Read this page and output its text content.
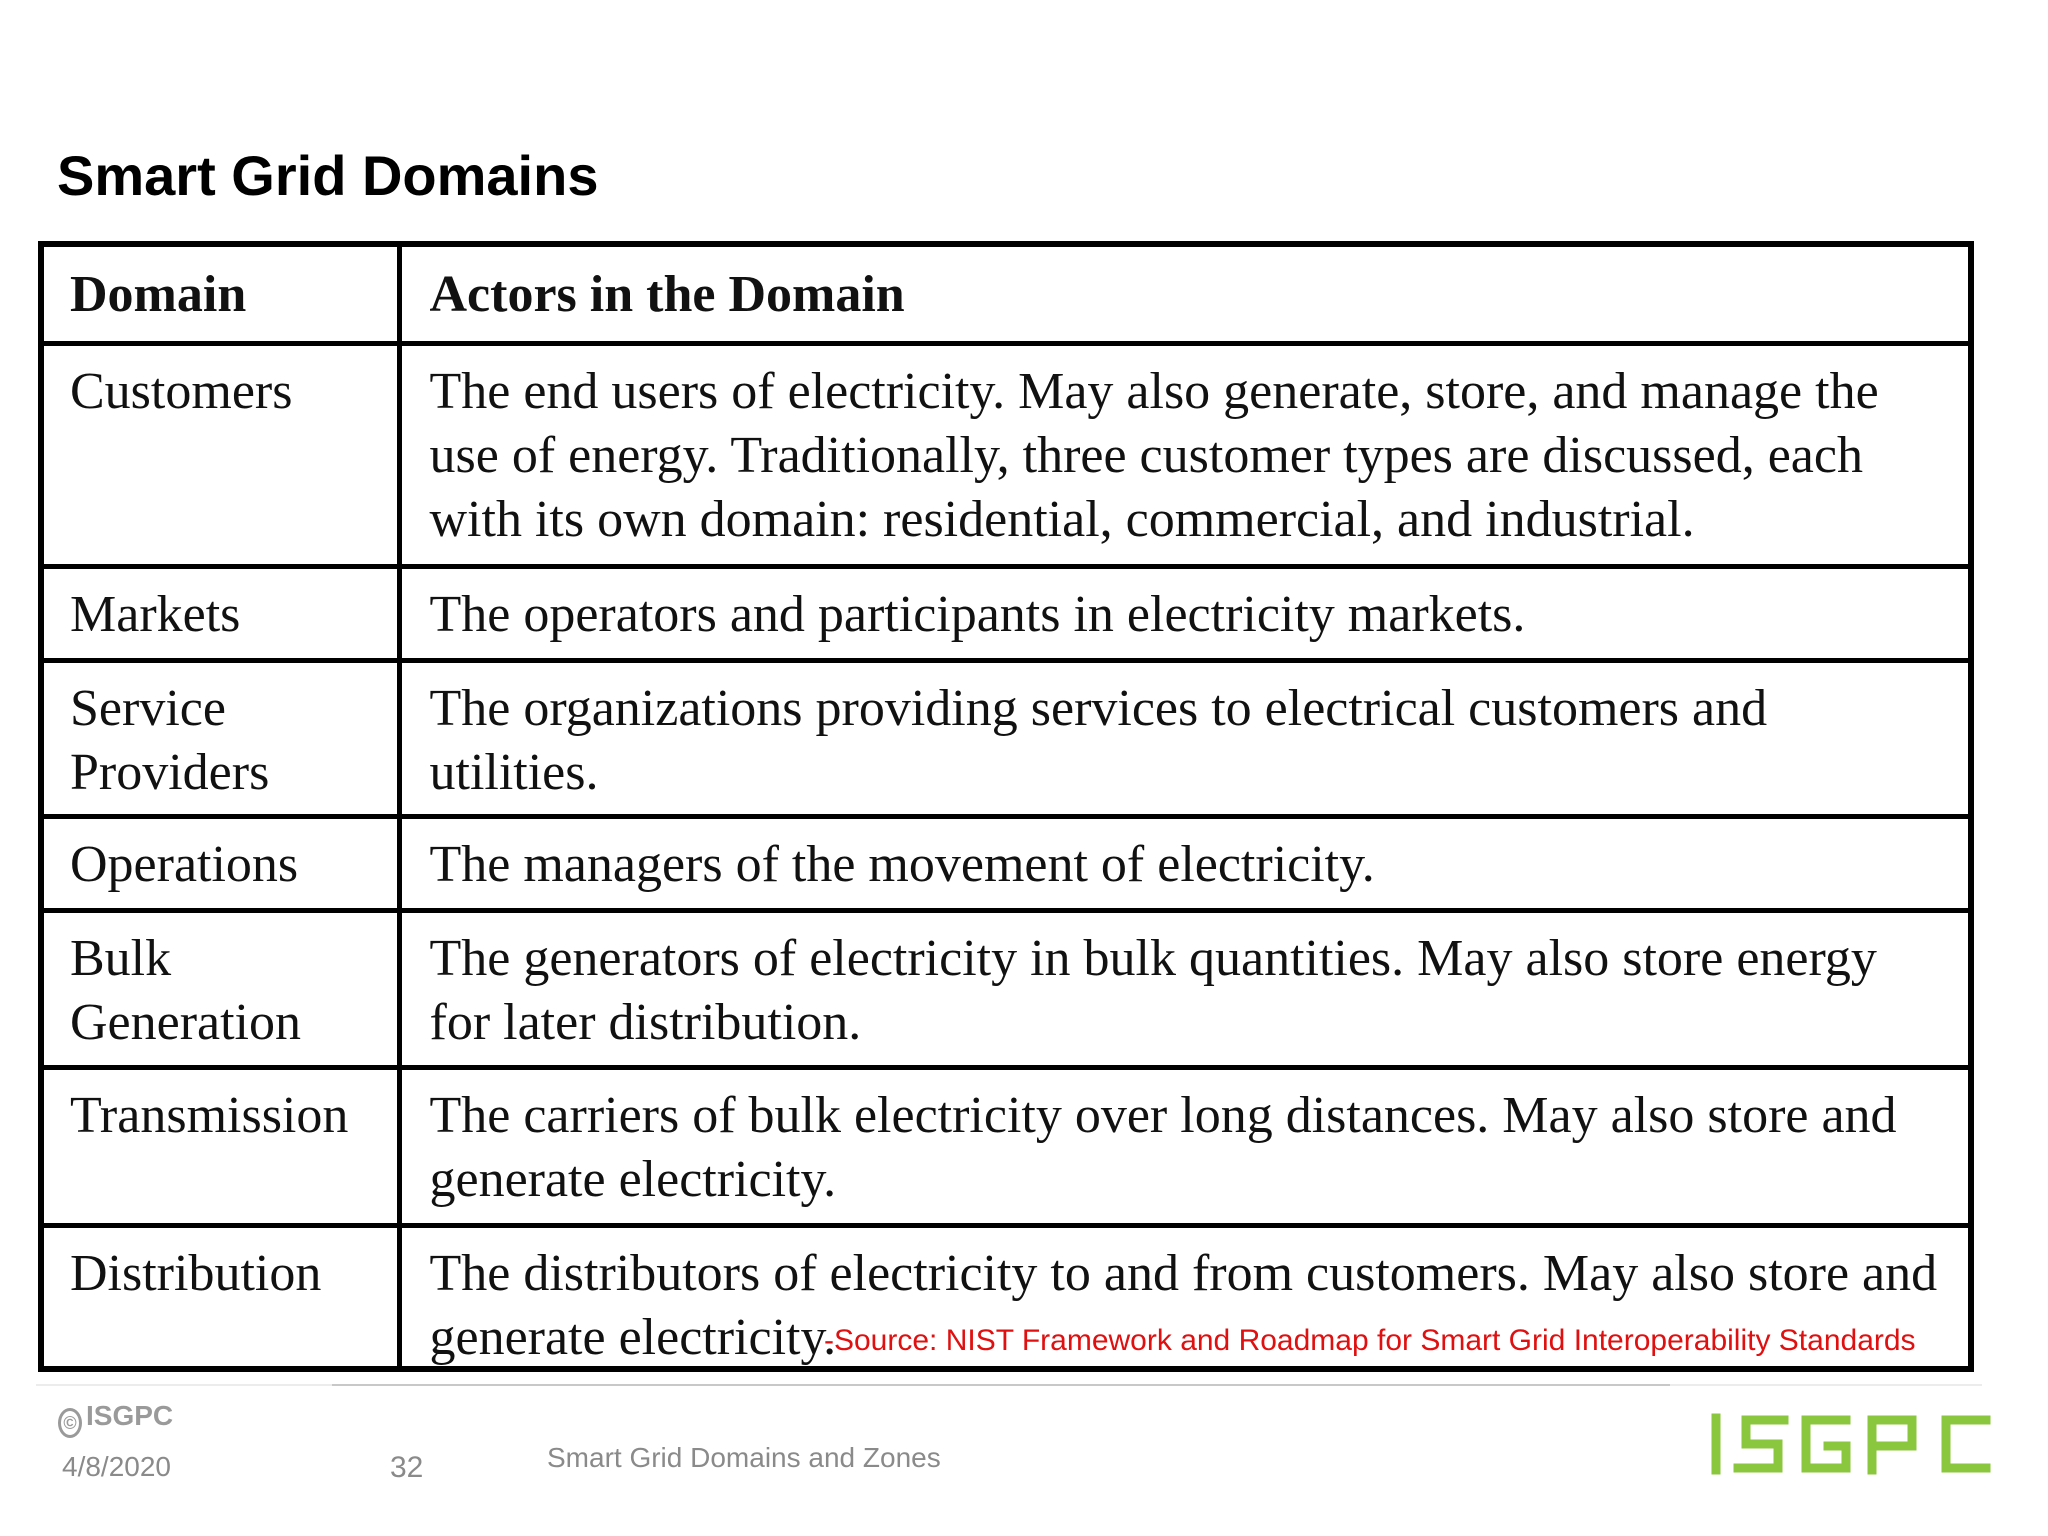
Smart Grid Domains
Domain	Actors in the Domain
Customers	The end users of electricity. May also generate, store, and manage the use of energy. Traditionally, three customer types are discussed, each with its own domain: residential, commercial, and industrial.
Markets	The operators and participants in electricity markets.
Service Providers	The organizations providing services to electrical customers and utilities.
Operations	The managers of the movement of electricity.
Bulk Generation	The generators of electricity in bulk quantities. May also store energy for later distribution.
Transmission	The carriers of bulk electricity over long distances. May also store and generate electricity.
Distribution	The distributors of electricity to and from customers. May also store and generate electricity.
-Source: NIST Framework and Roadmap for Smart Grid Interoperability Standards
© ISGPC
4/8/2020	32	Smart Grid Domains and Zones
